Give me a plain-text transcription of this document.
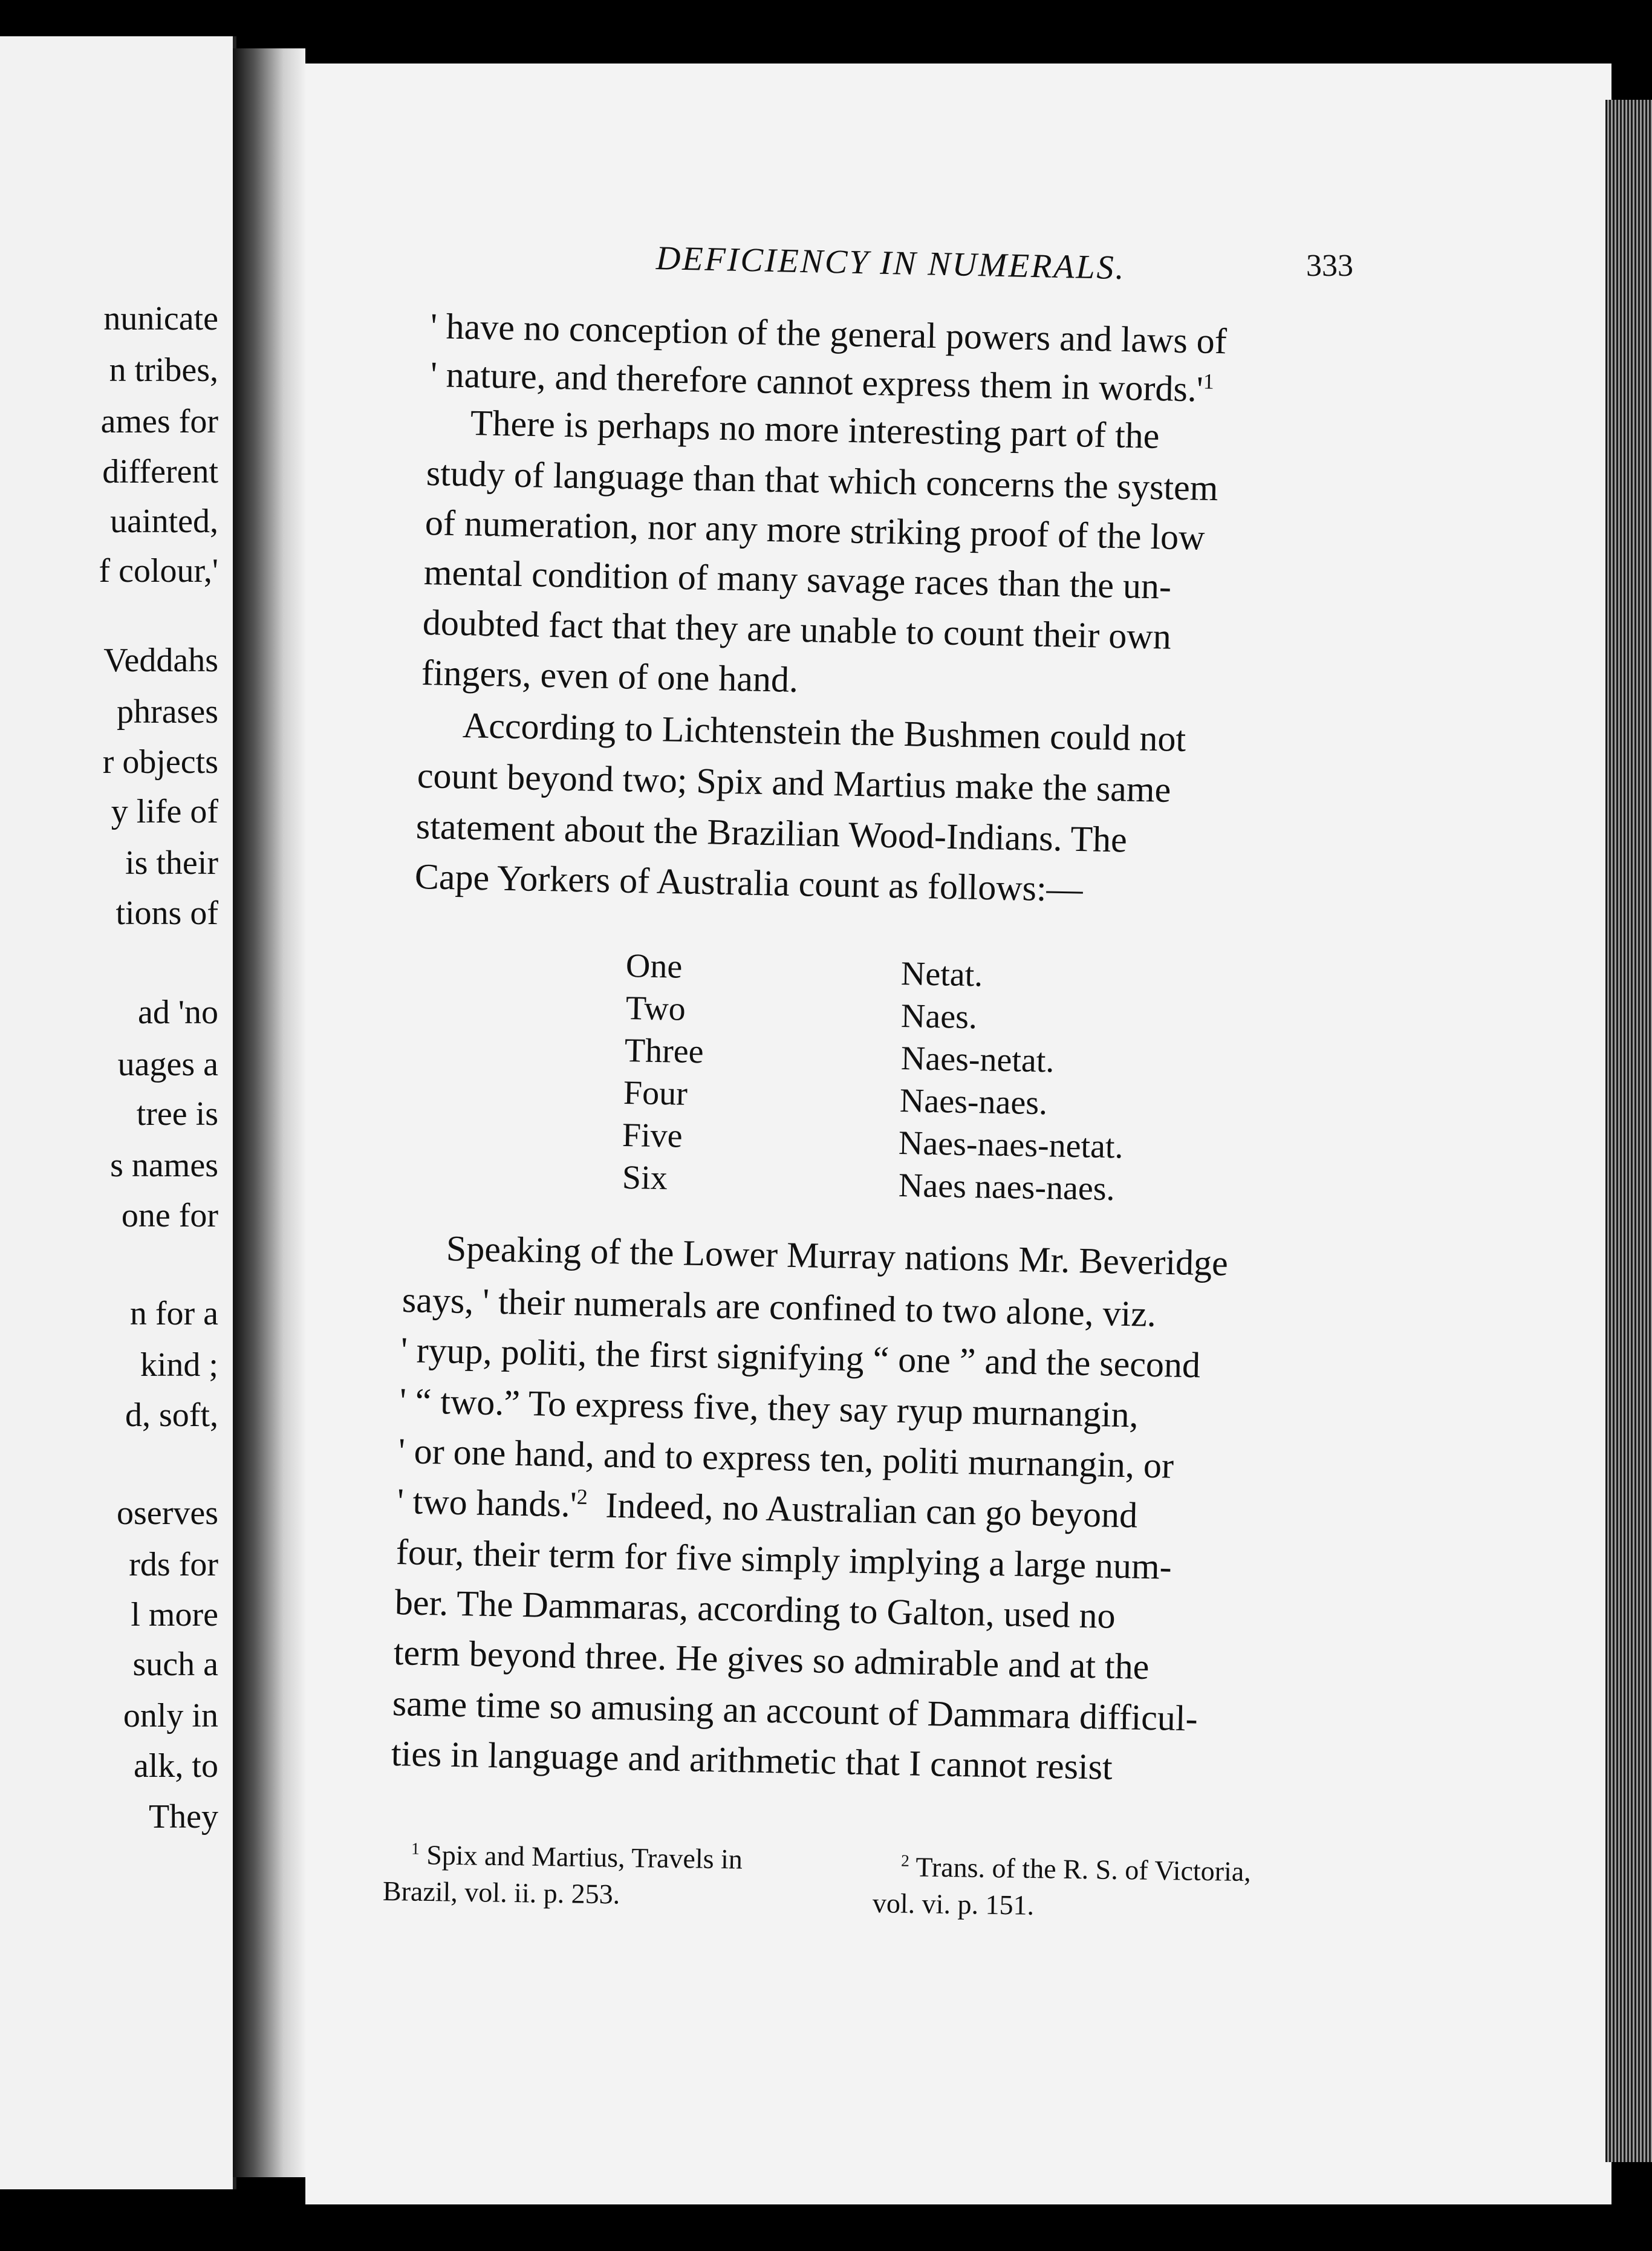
nunicate
n tribes,
ames for
different
uainted,
f colour,'
Veddahs
phrases
r objects
y life of
is their
tions of
ad 'no
uages a
tree is
s names
one for
n for a
kind ;
d, soft,
oserves
rds for
l more
such a
only in
alk, to
They
DEFICIENCY IN NUMERALS.	333
' have no conception of the general powers and laws of
' nature, and therefore cannot express them in $words.'^1$
There is perhaps no more interesting part of the
study of language than that which concerns the system
of numeration, nor any more striking proof of the low
mental condition of many savage races than the un-
doubted fact that they are unable to count their own
fingers, even of one hand.
According to Lichtenstein the Bushmen could not
count beyond two; Spix and Martius make the same
statement about the Brazilian Wood-Indians. The
Cape Yorkers of Australia count as follows:—
One	Netat.
Two	Naes.
Three	Naes-netat.
Four	Naes-naes.
Five	Naes-naes-netat.
Six	Naes naes-naes.
Speaking of the Lower Murray nations Mr. Beveridge
says, ' their numerals are confined to two alone, viz.
' ryup, politi, the first signifying “ one ” and the second
' “ two.” To express five, they say ryup murnangin,
' or one hand, and to express ten, politi murnangin, or
' two $hands.'^2$ Indeed, no Australian can go beyond
four, their term for five simply implying a large num-
ber. The Dammaras, according to Galton, used no
term beyond three. He gives so admirable and at the
same time so amusing an account of Dammara difficul-
ties in language and arithmetic that I cannot resist
$^1$ Spix and Martius, Travels in
Brazil, vol. ii. p. 253.
$^2$ Trans. of the R. S. of Victoria,
vol. vi. p. 151.
